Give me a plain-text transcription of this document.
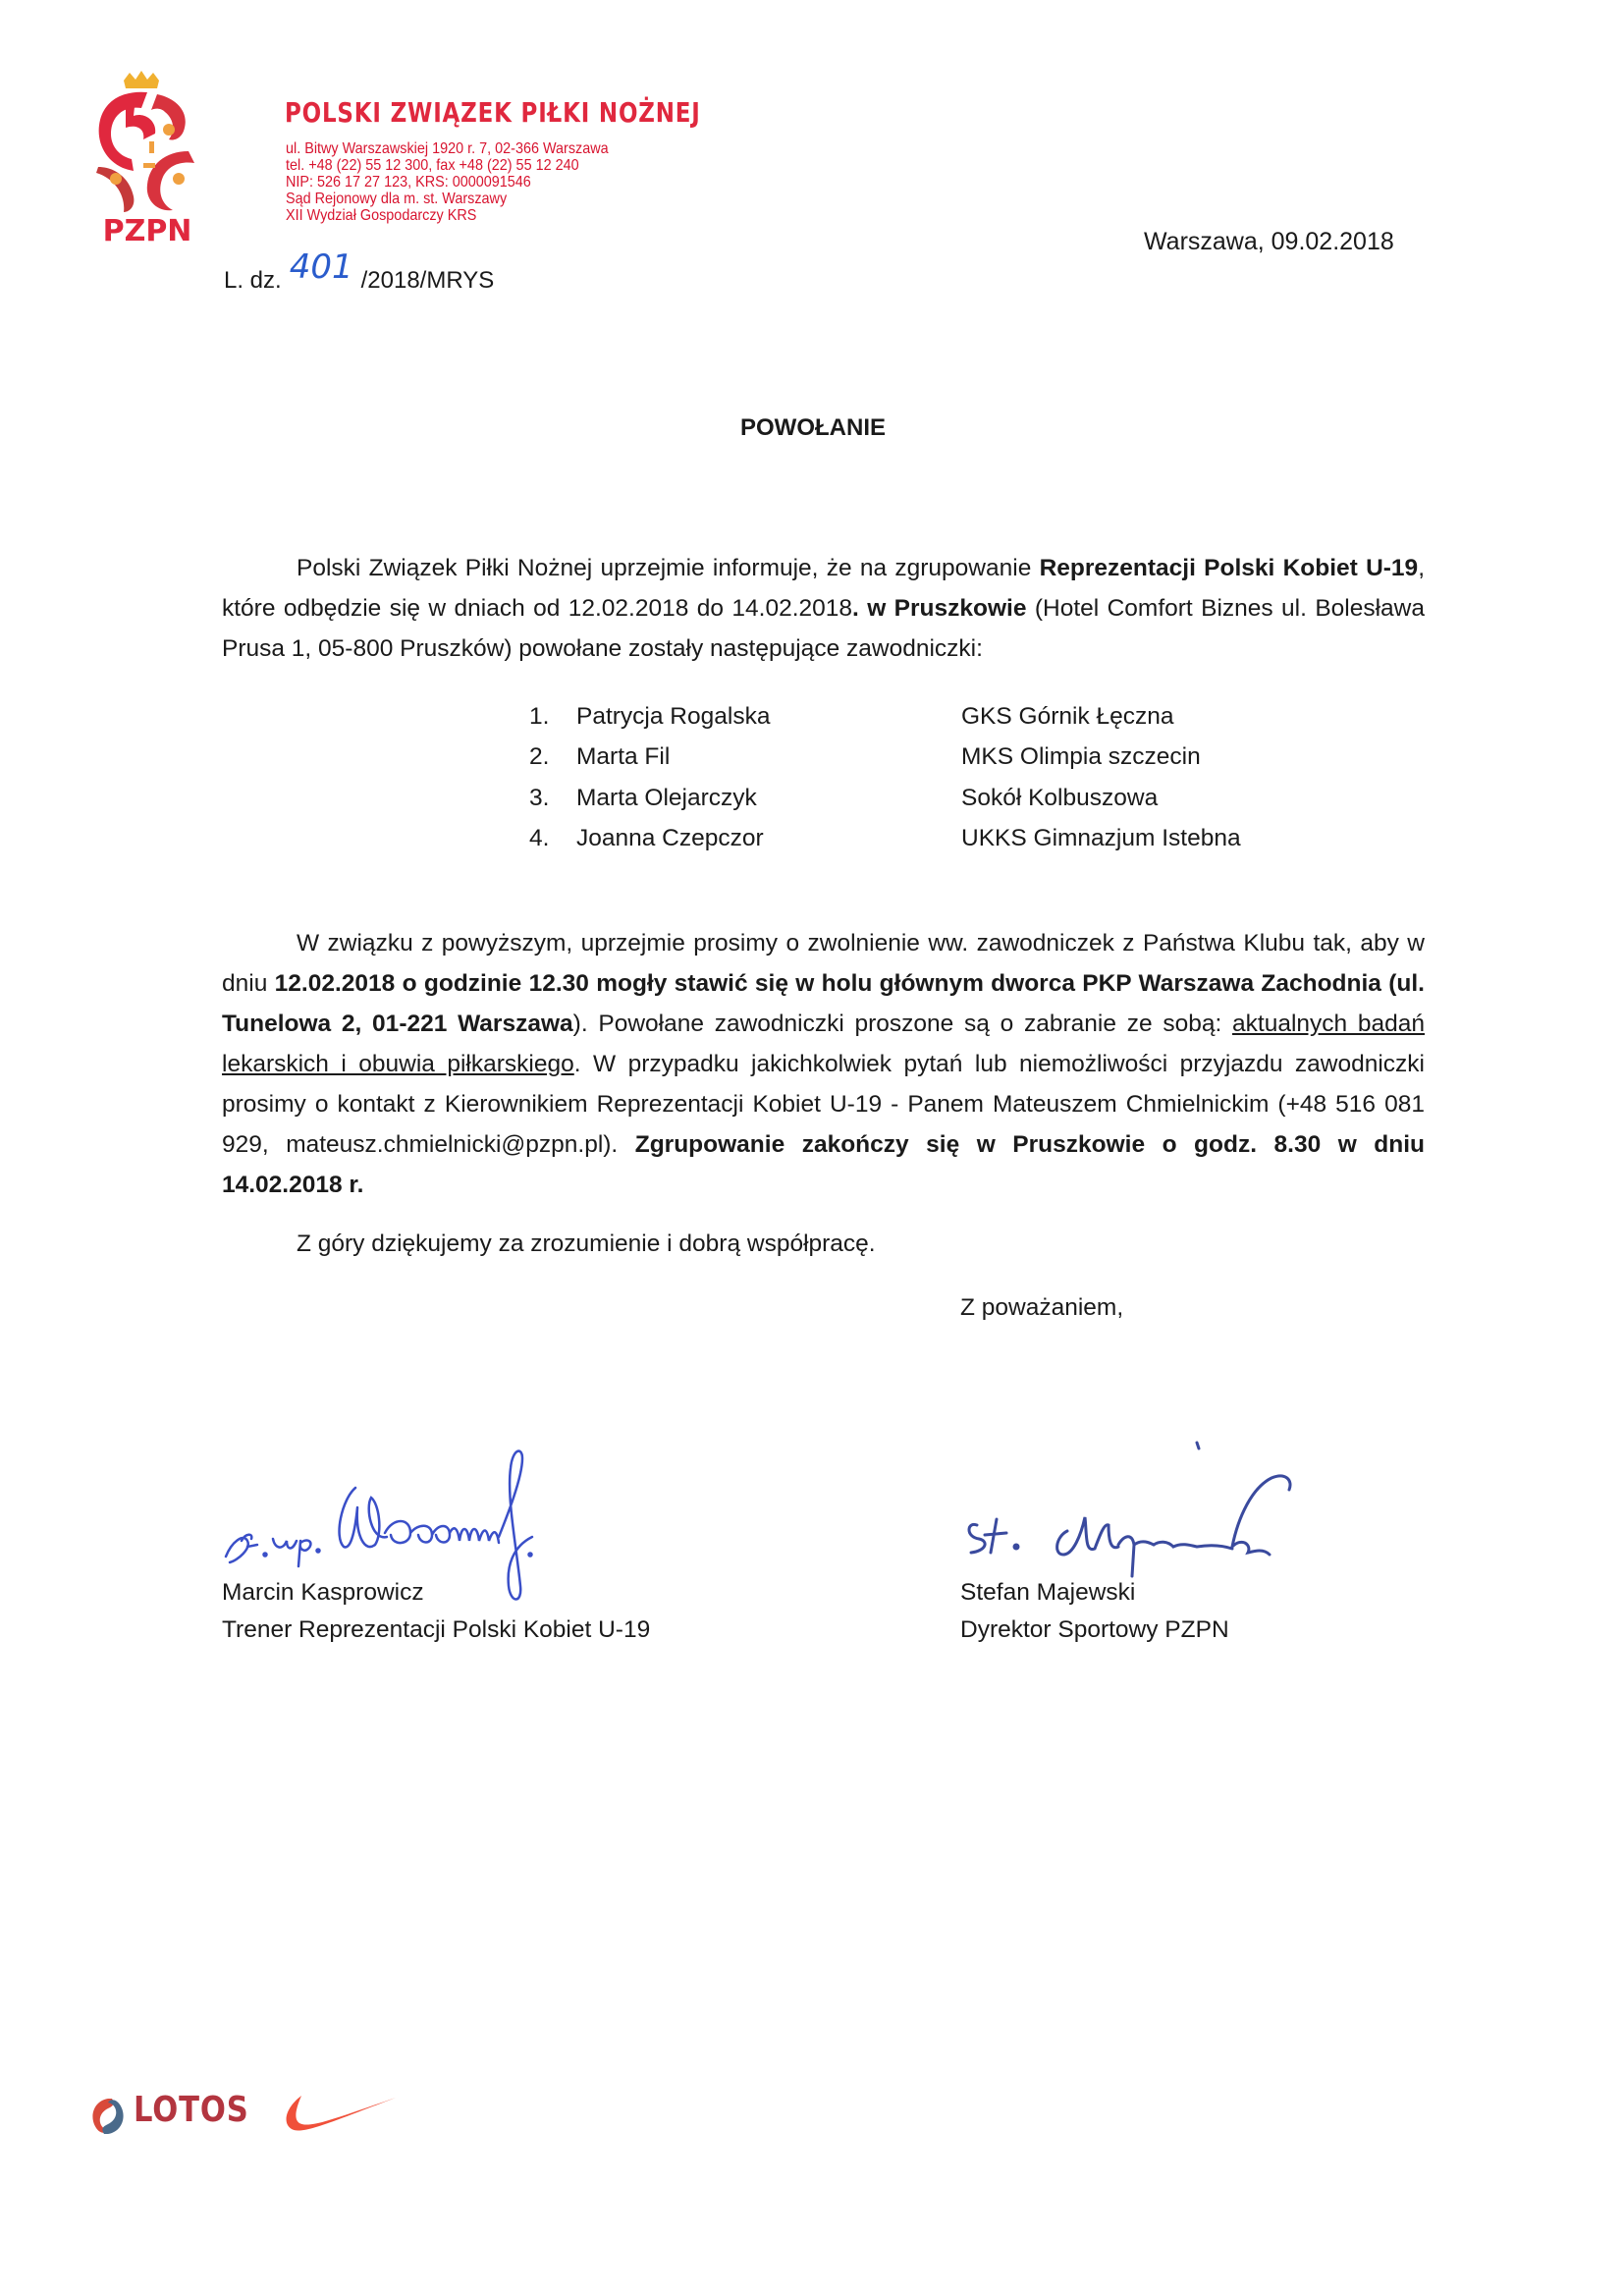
PZPN
POLSKI ZWIĄZEK PIŁKI NOŻNEJ
ul. Bitwy Warszawskiej 1920 r. 7, 02-366 Warszawa
tel. +48 (22) 55 12 300, fax +48 (22) 55 12 240
NIP: 526 17 27 123, KRS: 0000091546
Sąd Rejonowy dla m. st. Warszawy
XII Wydział Gospodarczy KRS
L. dz. 401 /2018/MRYS
Warszawa, 09.02.2018
POWOŁANIE
Polski Związek Piłki Nożnej uprzejmie informuje, że na zgrupowanie Reprezentacji Polski Kobiet U-19, które odbędzie się w dniach od 12.02.2018 do 14.02.2018. w Pruszkowie (Hotel Comfort Biznes ul. Bolesława Prusa 1, 05-800 Pruszków) powołane zostały następujące zawodniczki:
1. Patrycja Rogalska	GKS Górnik Łęczna
2. Marta Fil	MKS Olimpia szczecin
3. Marta Olejarczyk	Sokół Kolbuszowa
4. Joanna Czepczor	UKKS Gimnazjum Istebna
W związku z powyższym, uprzejmie prosimy o zwolnienie ww. zawodniczek z Państwa Klubu tak, aby w dniu 12.02.2018 o godzinie 12.30 mogły stawić się w holu głównym dworca PKP Warszawa Zachodnia (ul. Tunelowa 2, 01-221 Warszawa). Powołane zawodniczki proszone są o zabranie ze sobą: aktualnych badań lekarskich i obuwia piłkarskiego. W przypadku jakichkolwiek pytań lub niemożliwości przyjazdu zawodniczki prosimy o kontakt z Kierownikiem Reprezentacji Kobiet U-19 - Panem Mateuszem Chmielnickim (+48 516 081 929, mateusz.chmielnicki@pzpn.pl). Zgrupowanie zakończy się w Pruszkowie o godz. 8.30 w dniu 14.02.2018 r.
Z góry dziękujemy za zrozumienie i dobrą współpracę.
Z poważaniem,
Marcin Kasprowicz
Trener Reprezentacji Polski Kobiet U-19
Stefan Majewski
Dyrektor Sportowy PZPN
LOTOS
